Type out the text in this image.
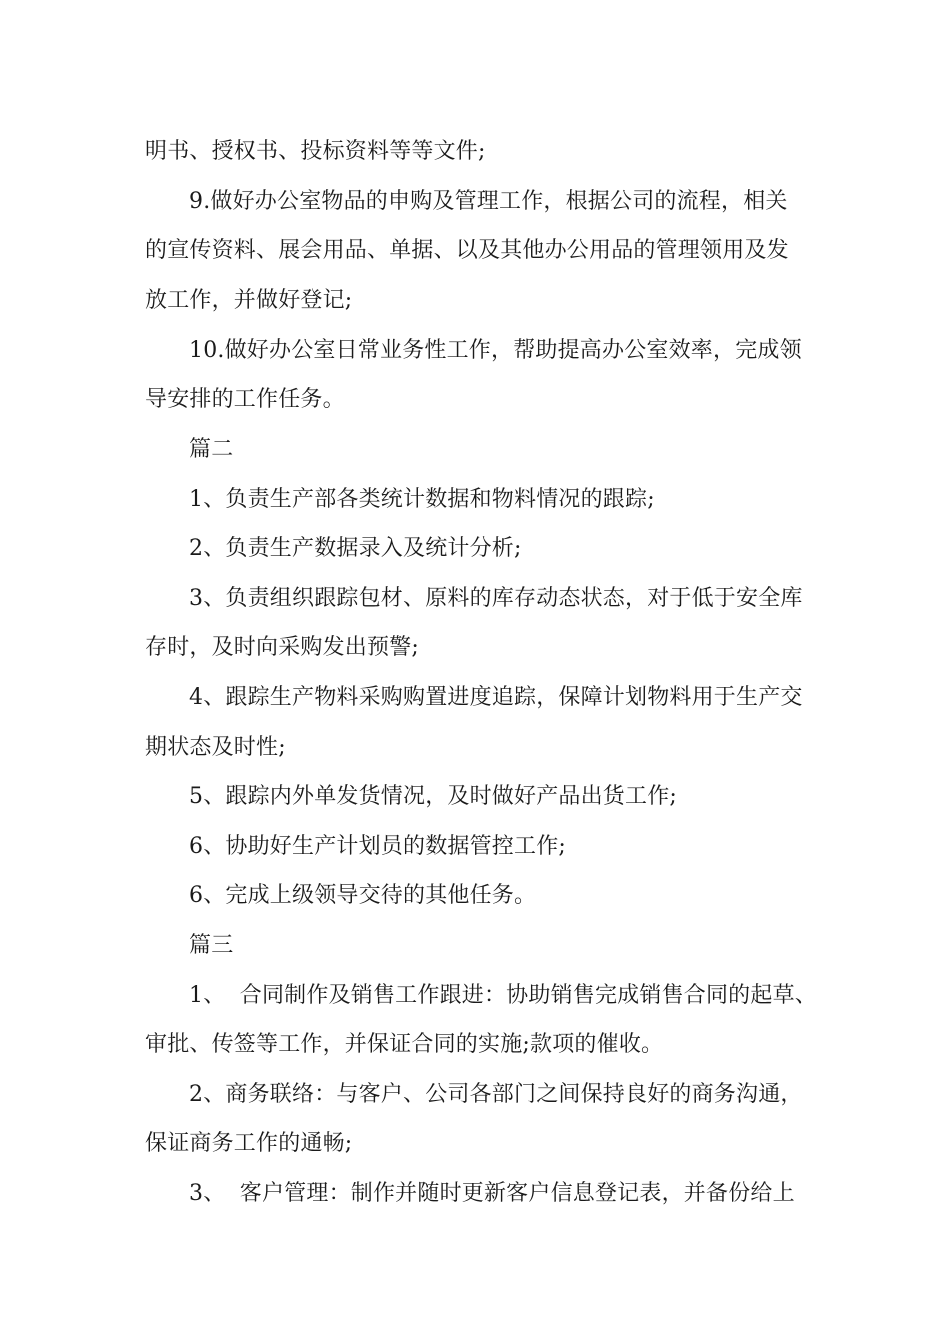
明书、授权书、投标资料等等文件;
9.做好办公室物品的申购及管理工作，根据公司的流程，相关
的宣传资料、展会用品、单据、以及其他办公用品的管理领用及发
放工作，并做好登记;
10.做好办公室日常业务性工作，帮助提高办公室效率，完成领
导安排的工作任务。
篇二
1、负责生产部各类统计数据和物料情况的跟踪;
2、负责生产数据录入及统计分析;
3、负责组织跟踪包材、原料的库存动态状态，对于低于安全库
存时，及时向采购发出预警;
4、跟踪生产物料采购购置进度追踪，保障计划物料用于生产交
期状态及时性;
5、跟踪内外单发货情况，及时做好产品出货工作;
6、协助好生产计划员的数据管控工作;
6、完成上级领导交待的其他任务。
篇三
1、  合同制作及销售工作跟进：协助销售完成销售合同的起草、
审批、传签等工作，并保证合同的实施;款项的催收。
2、商务联络：与客户、公司各部门之间保持良好的商务沟通，
保证商务工作的通畅;
3、  客户管理：制作并随时更新客户信息登记表，并备份给上
